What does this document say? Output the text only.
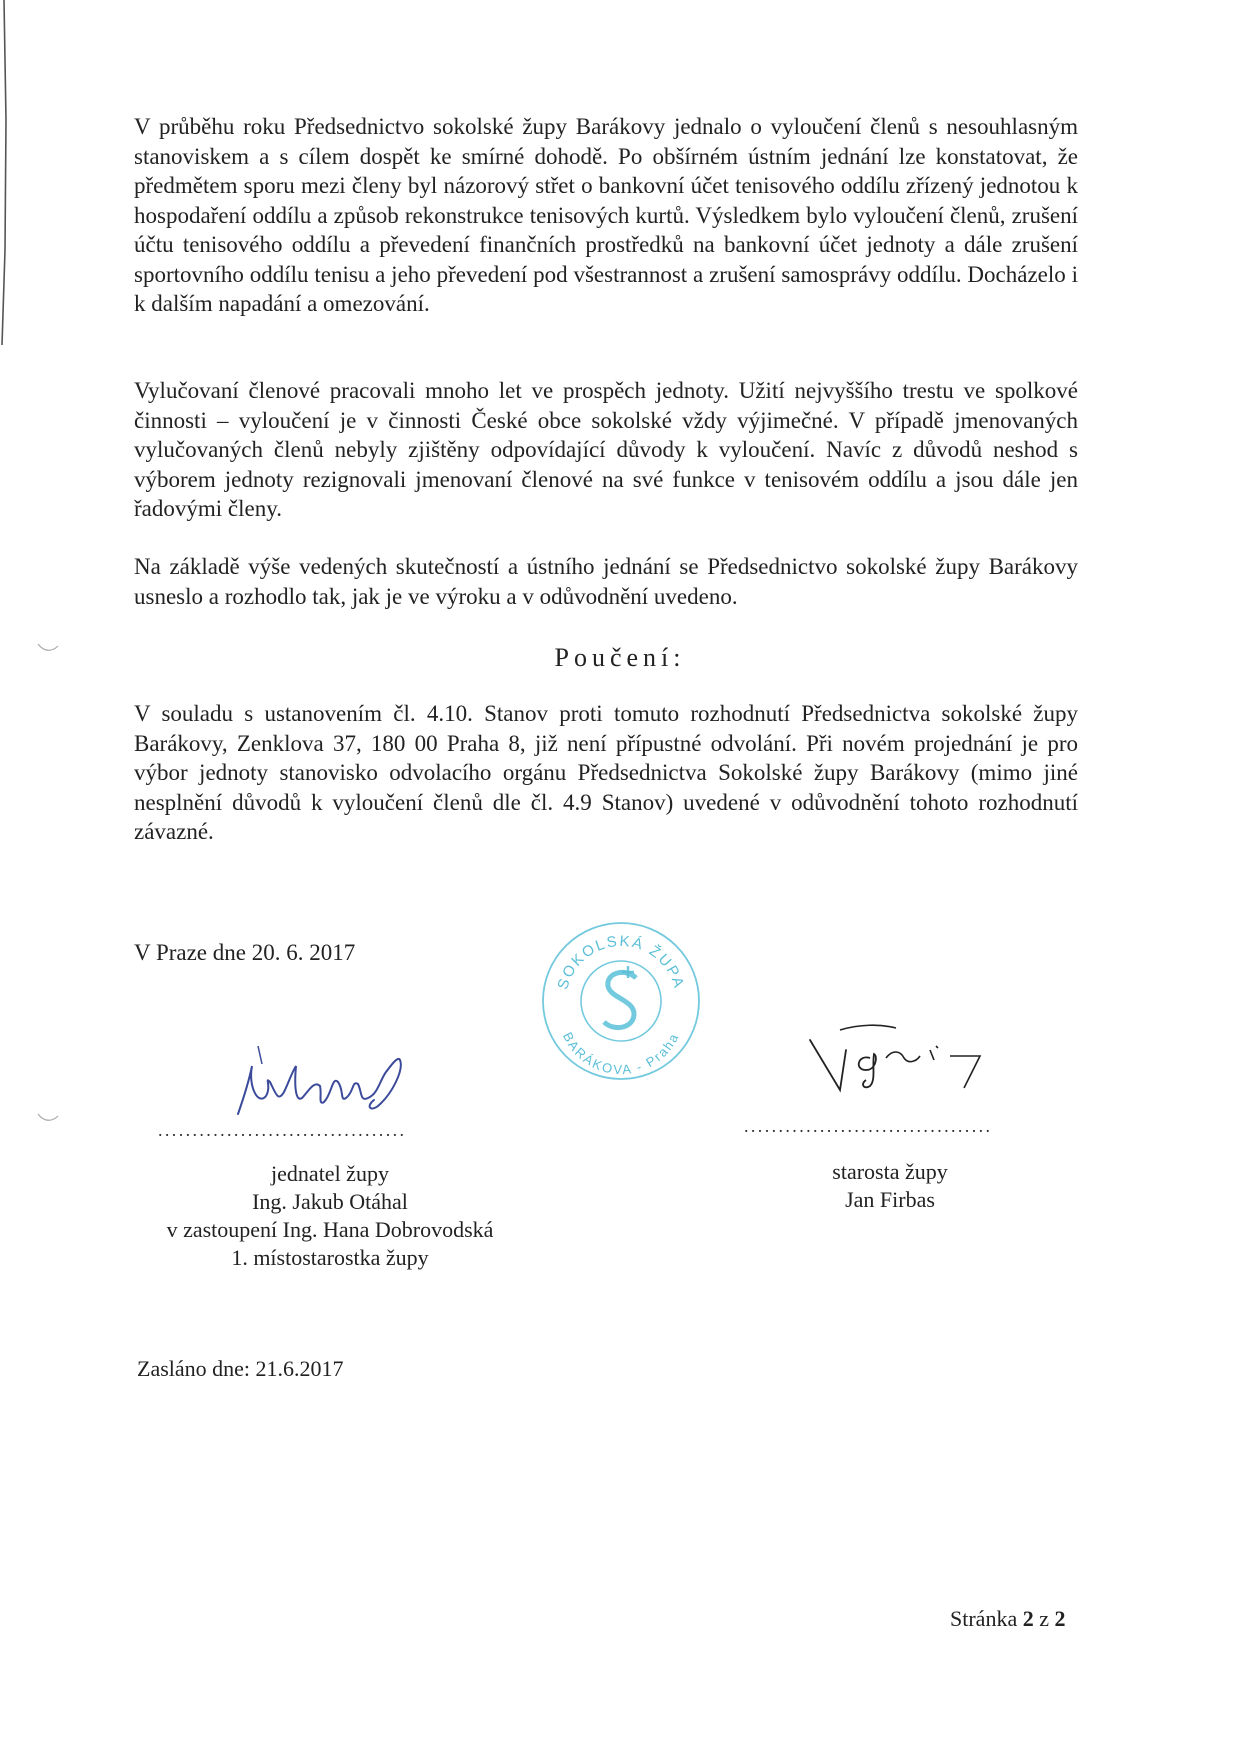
V průběhu roku Předsednictvo sokolské župy Barákovy jednalo o vyloučení členů s nesouhlasným stanoviskem a s cílem dospět ke smírné dohodě. Po obšírném ústním jednání lze konstatovat, že předmětem sporu mezi členy byl názorový střet o bankovní účet tenisového oddílu zřízený jednotou k hospodaření oddílu a způsob rekonstrukce tenisových kurtů. Výsledkem bylo vyloučení členů, zrušení účtu tenisového oddílu a převedení finančních prostředků na bankovní účet jednoty a dále zrušení sportovního oddílu tenisu a jeho převedení pod všestrannost a zrušení samosprávy oddílu. Docházelo i k dalším napadání a omezování.

Vylučovaní členové pracovali mnoho let ve prospěch jednoty. Užití nejvyššího trestu ve spolkové činnosti – vyloučení je v činnosti České obce sokolské vždy výjimečné. V případě jmenovaných vylučovaných členů nebyly zjištěny odpovídající důvody k vyloučení. Navíc z důvodů neshod s výborem jednoty rezignovali jmenovaní členové na své funkce v tenisovém oddílu a jsou dále jen řadovými členy.

Na základě výše vedených skutečností a ústního jednání se Předsednictvo sokolské župy Barákovy usneslo a rozhodlo tak, jak je ve výroku a v odůvodnění uvedeno.

Poučení:

V souladu s ustanovením čl. 4.10. Stanov proti tomuto rozhodnutí Předsednictva sokolské župy Barákovy, Zenklova 37, 180 00 Praha 8, již není přípustné odvolání. Při novém projednání je pro výbor jednoty stanovisko odvolacího orgánu Předsednictva Sokolské župy Barákovy (mimo jiné nesplnění důvodů k vyloučení členů dle čl. 4.9 Stanov) uvedené v odůvodnění tohoto rozhodnutí závazné.

V Praze dne 20. 6. 2017
SOKOLSKÁ ŽUPA
BARÁKOVA - Praha
....................................
jednatel župy
Ing. Jakub Otáhal
v zastoupení Ing. Hana Dobrovodská
1. místostarostka župy
....................................
starosta župy
Jan Firbas
Zasláno dne: 21.6.2017
Stránka 2 z 2
